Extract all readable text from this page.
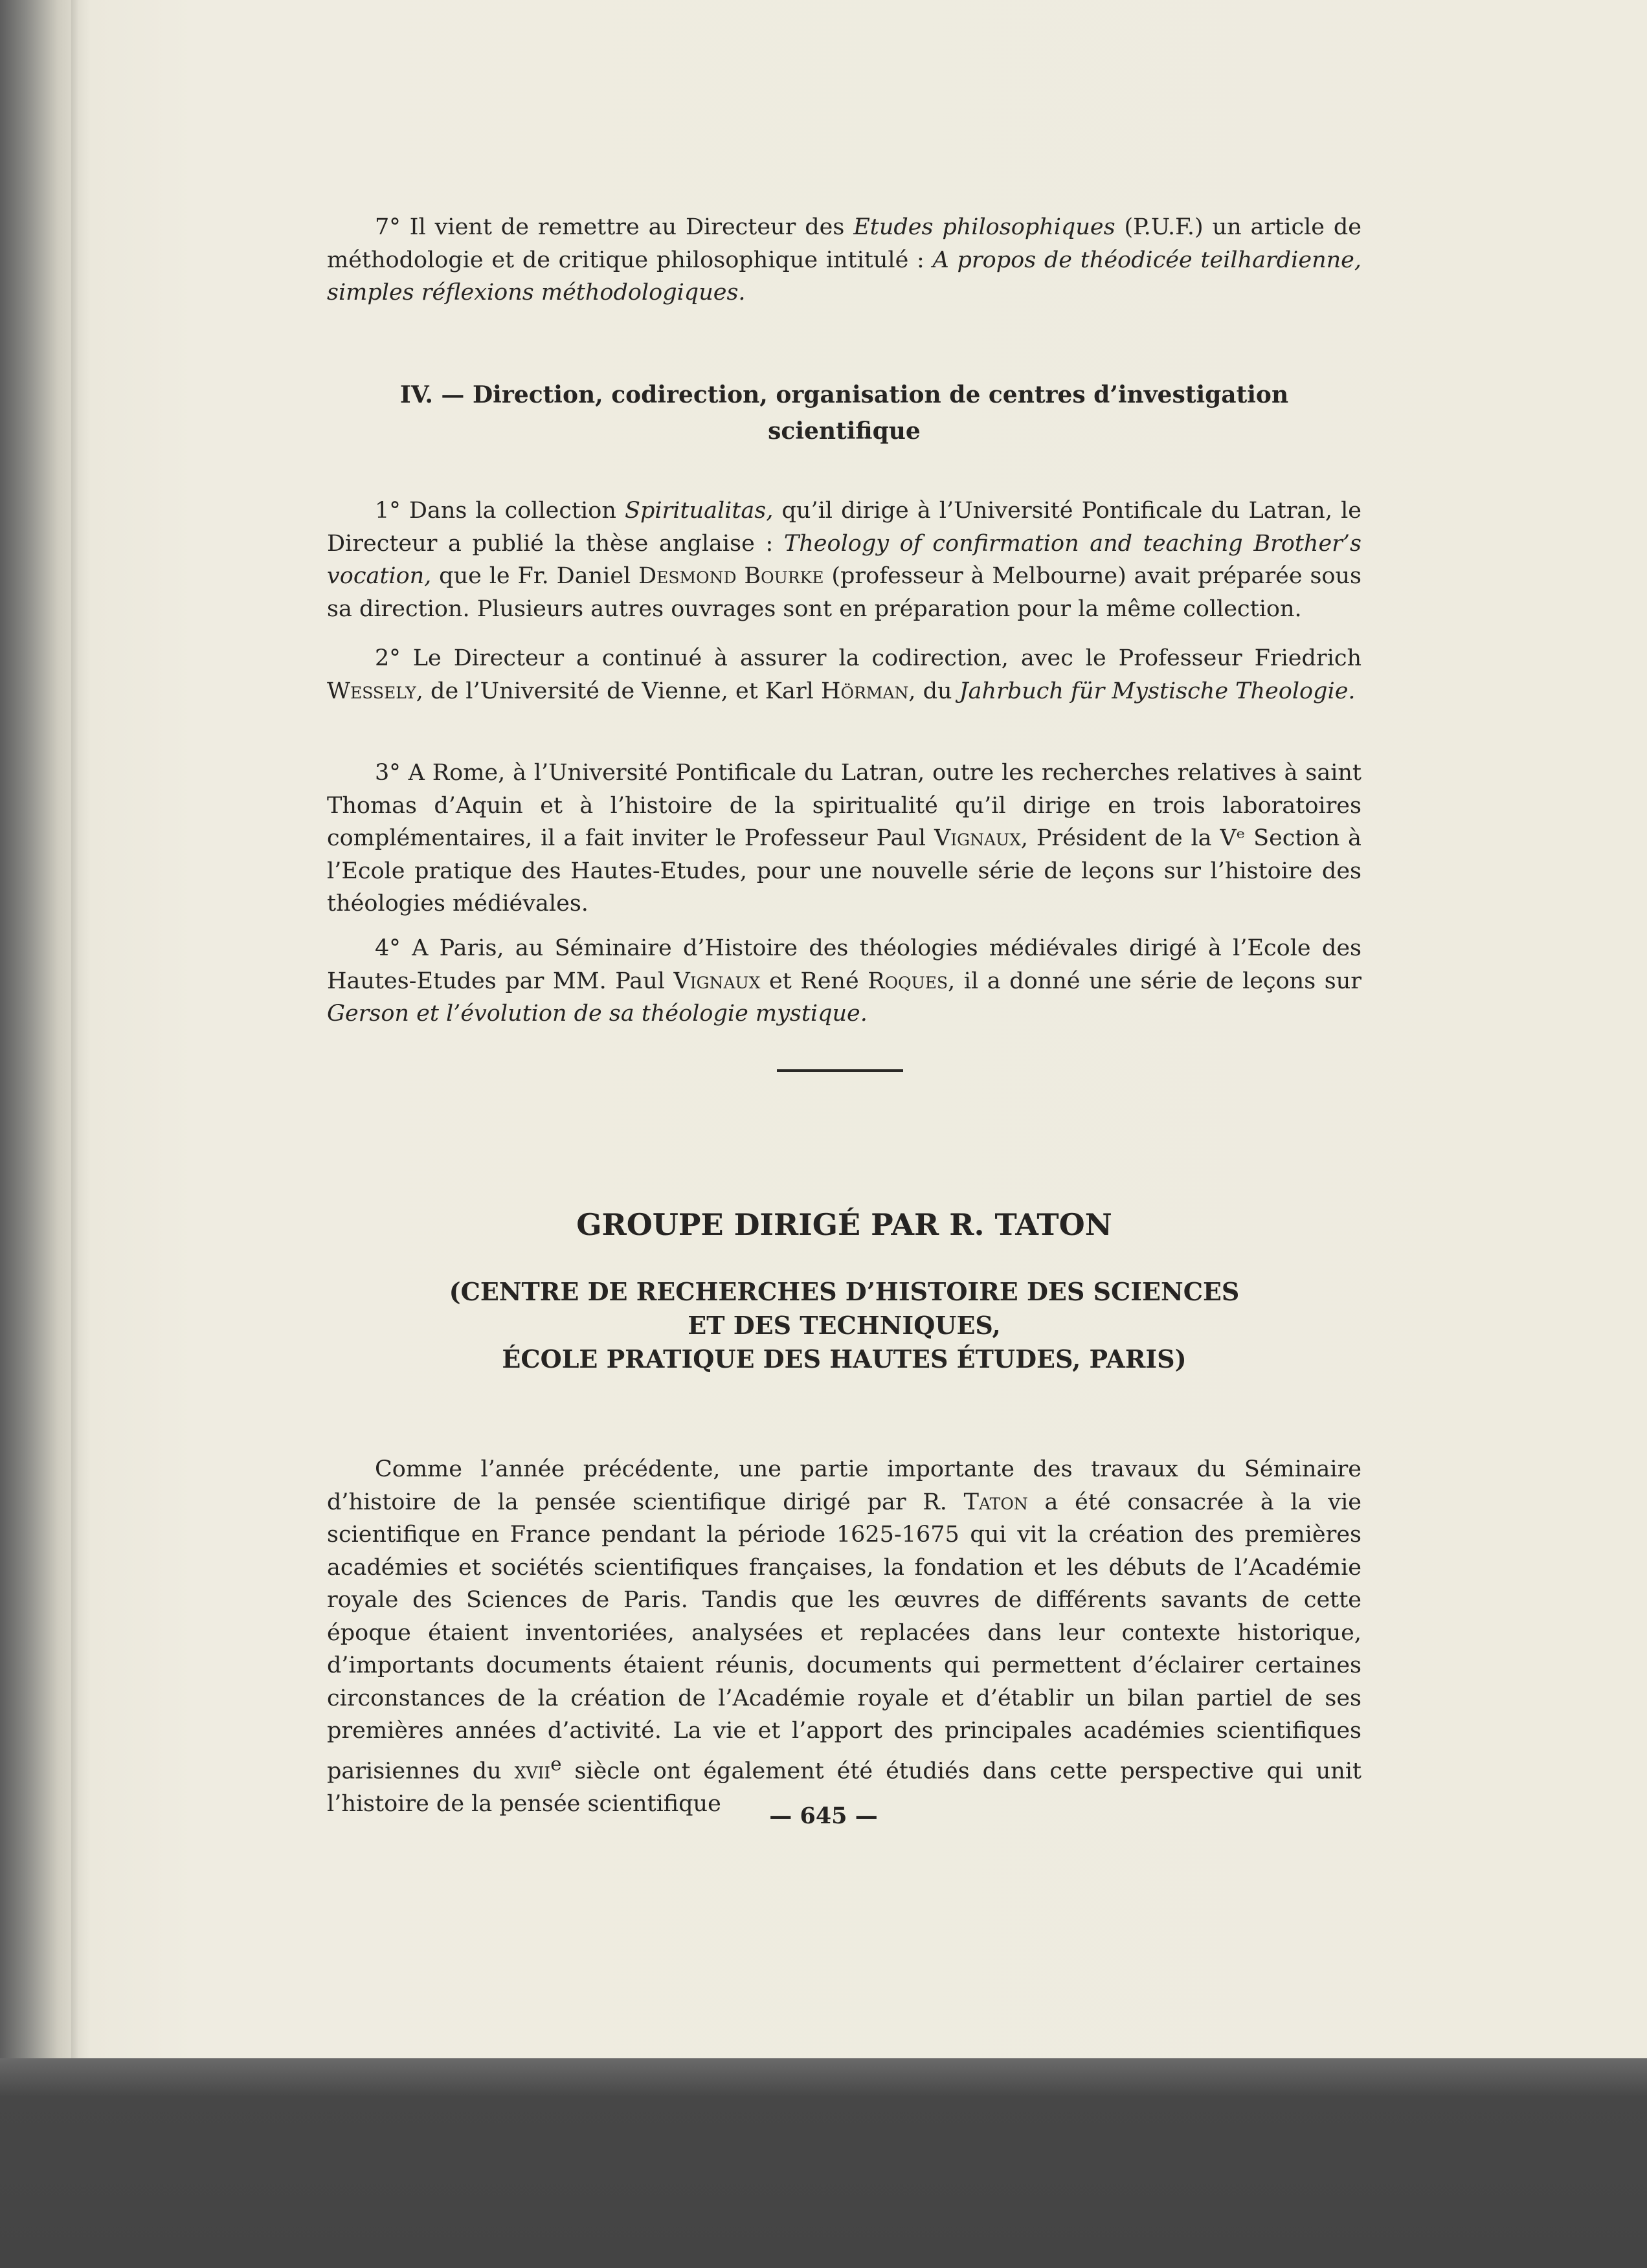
7° Il vient de remettre au Directeur des Etudes philosophiques (P.U.F.) un article de méthodologie et de critique philosophique intitulé : A propos de théodicée teilhardienne, simples réflexions méthodologiques.

IV. — Direction, codirection, organisation de centres d’investigation scientifique

1° Dans la collection Spiritualitas, qu’il dirige à l’Université Pontificale du Latran, le Directeur a publié la thèse anglaise : Theology of confirmation and teaching Brother’s vocation, que le Fr. Daniel Desmond Bourke (professeur à Melbourne) avait préparée sous sa direction. Plusieurs autres ouvrages sont en préparation pour la même collection.

2° Le Directeur a continué à assurer la codirection, avec le Professeur Friedrich Wessely, de l’Université de Vienne, et Karl Hörman, du Jahrbuch für Mystische Theologie.

3° A Rome, à l’Université Pontificale du Latran, outre les recherches relatives à saint Thomas d’Aquin et à l’histoire de la spiritualité qu’il dirige en trois laboratoires complémentaires, il a fait inviter le Professeur Paul Vignaux, Président de la Vᵉ Section à l’Ecole pratique des Hautes-Etudes, pour une nouvelle série de leçons sur l’histoire des théologies médiévales.

4° A Paris, au Séminaire d’Histoire des théologies médiévales dirigé à l’Ecole des Hautes-Etudes par MM. Paul Vignaux et René Roques, il a donné une série de leçons sur Gerson et l’évolution de sa théologie mystique.

GROUPE DIRIGÉ PAR R. TATON
(CENTRE DE RECHERCHES D’HISTOIRE DES SCIENCES
ET DES TECHNIQUES,
ÉCOLE PRATIQUE DES HAUTES ÉTUDES, PARIS)

Comme l’année précédente, une partie importante des travaux du Séminaire d’histoire de la pensée scientifique dirigé par R. Taton a été consacrée à la vie scientifique en France pendant la période 1625-1675 qui vit la création des premières académies et sociétés scientifiques françaises, la fondation et les débuts de l’Académie royale des Sciences de Paris. Tandis que les œuvres de différents savants de cette époque étaient inventoriées, analysées et replacées dans leur contexte historique, d’importants documents étaient réunis, documents qui permettent d’éclairer certaines circonstances de la création de l’Académie royale et d’établir un bilan partiel de ses premières années d’activité. La vie et l’apport des principales académies scientifiques parisiennes du xvii$^e$ siècle ont également été étudiés dans cette perspective qui unit l’histoire de la pensée scientifique	— 645 —
